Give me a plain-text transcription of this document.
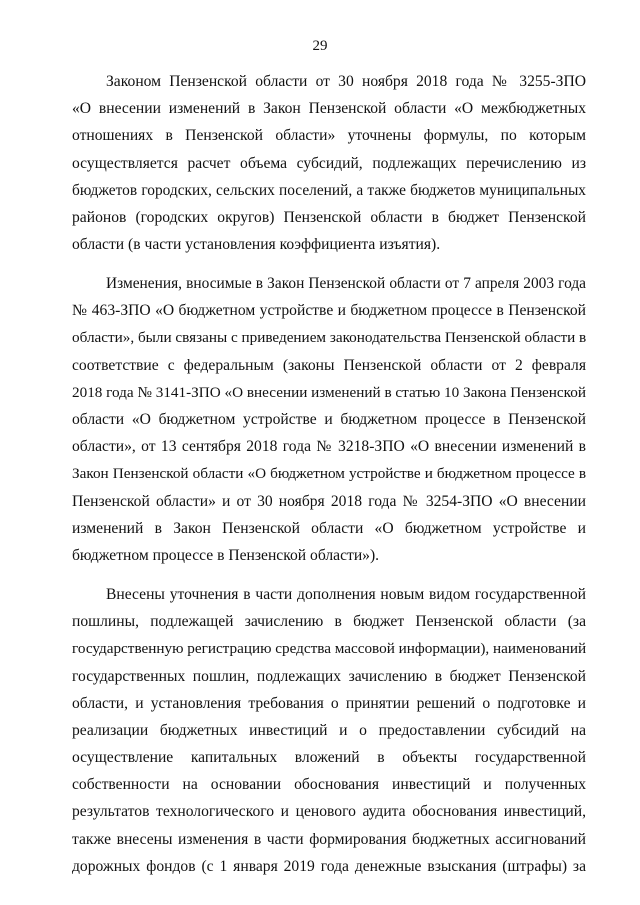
29
Законом Пензенской области от 30 ноября 2018 года № 3255-ЗПО
«О внесении изменений в Закон Пензенской области «О межбюджетных
отношениях в Пензенской области» уточнены формулы, по которым
осуществляется расчет объема субсидий, подлежащих перечислению из
бюджетов городских, сельских поселений, а также бюджетов муниципальных
районов (городских округов) Пензенской области в бюджет Пензенской
области (в части установления коэффициента изъятия).
Изменения, вносимые в Закон Пензенской области от 7 апреля 2003 года
№ 463-ЗПО «О бюджетном устройстве и бюджетном процессе в Пензенской
области», были связаны с приведением законодательства Пензенской области в
соответствие с федеральным (законы Пензенской области от 2 февраля
2018 года № 3141-ЗПО «О внесении изменений в статью 10 Закона Пензенской
области «О бюджетном устройстве и бюджетном процессе в Пензенской
области», от 13 сентября 2018 года № 3218-ЗПО «О внесении изменений в
Закон Пензенской области «О бюджетном устройстве и бюджетном процессе в
Пензенской области» и от 30 ноября 2018 года № 3254-ЗПО «О внесении
изменений в Закон Пензенской области «О бюджетном устройстве и
бюджетном процессе в Пензенской области»).
Внесены уточнения в части дополнения новым видом государственной
пошлины, подлежащей зачислению в бюджет Пензенской области (за
государственную регистрацию средства массовой информации), наименований
государственных пошлин, подлежащих зачислению в бюджет Пензенской
области, и установления требования о принятии решений о подготовке и
реализации бюджетных инвестиций и о предоставлении субсидий на
осуществление капитальных вложений в объекты государственной
собственности на основании обоснования инвестиций и полученных
результатов технологического и ценового аудита обоснования инвестиций,
также внесены изменения в части формирования бюджетных ассигнований
дорожных фондов (с 1 января 2019 года денежные взыскания (штрафы) за
